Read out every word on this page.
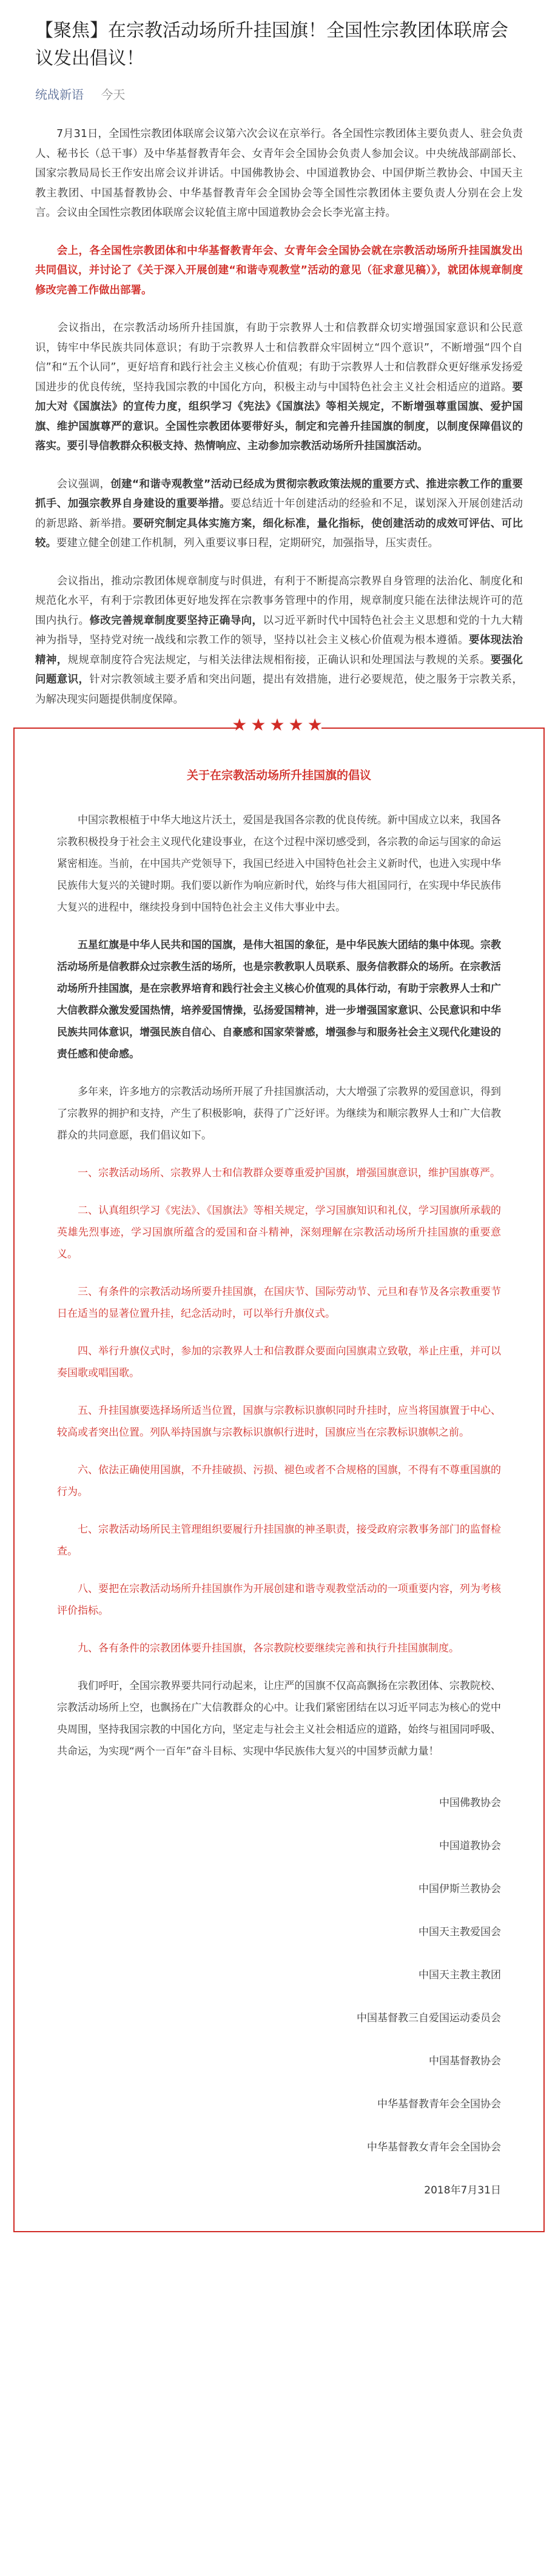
【聚焦】在宗教活动场所升挂国旗！全国性宗教团体联席会议发出倡议！
统战新语 今天

　　7月31日，全国性宗教团体联席会议第六次会议在京举行。各全国性宗教团体主要负责人、驻会负责人、秘书长（总干事）及中华基督教青年会、女青年会全国协会负责人参加会议。中央统战部副部长、国家宗教局局长王作安出席会议并讲话。中国佛教协会、中国道教协会、中国伊斯兰教协会、中国天主教主教团、中国基督教协会、中华基督教青年会全国协会等全国性宗教团体主要负责人分别在会上发言。会议由全国性宗教团体联席会议轮值主席中国道教协会会长李光富主持。

　　会上，各全国性宗教团体和中华基督教青年会、女青年会全国协会就在宗教活动场所升挂国旗发出共同倡议，并讨论了《关于深入开展创建“和谐寺观教堂”活动的意见（征求意见稿）》，就团体规章制度修改完善工作做出部署。

　　会议指出，在宗教活动场所升挂国旗，有助于宗教界人士和信教群众切实增强国家意识和公民意识，铸牢中华民族共同体意识；有助于宗教界人士和信教群众牢固树立“四个意识”，不断增强“四个自信”和“五个认同”，更好培育和践行社会主义核心价值观；有助于宗教界人士和信教群众更好继承发扬爱国进步的优良传统，坚持我国宗教的中国化方向，积极主动与中国特色社会主义社会相适应的道路。要加大对《国旗法》的宣传力度，组织学习《宪法》《国旗法》等相关规定，不断增强尊重国旗、爱护国旗、维护国旗尊严的意识。全国性宗教团体要带好头，制定和完善升挂国旗的制度，以制度保障倡议的落实。要引导信教群众积极支持、热情响应、主动参加宗教活动场所升挂国旗活动。

　　会议强调，创建“和谐寺观教堂”活动已经成为贯彻宗教政策法规的重要方式、推进宗教工作的重要抓手、加强宗教界自身建设的重要举措。要总结近十年创建活动的经验和不足，谋划深入开展创建活动的新思路、新举措。要研究制定具体实施方案，细化标准，量化指标，使创建活动的成效可评估、可比较。要建立健全创建工作机制，列入重要议事日程，定期研究，加强指导，压实责任。

　　会议指出，推动宗教团体规章制度与时俱进，有利于不断提高宗教界自身管理的法治化、制度化和规范化水平，有利于宗教团体更好地发挥在宗教事务管理中的作用，规章制度只能在法律法规许可的范围内执行。修改完善规章制度要坚持正确导向，以习近平新时代中国特色社会主义思想和党的十九大精神为指导，坚持党对统一战线和宗教工作的领导，坚持以社会主义核心价值观为根本遵循。要体现法治精神，规规章制度符合宪法规定，与相关法律法规相衔接，正确认识和处理国法与教规的关系。要强化问题意识，针对宗教领域主要矛盾和突出问题，提出有效措施，进行必要规范，使之服务于宗教关系，为解决现实问题提供制度保障。

★★★★★
关于在宗教活动场所升挂国旗的倡议

中国宗教根植于中华大地这片沃土，爱国是我国各宗教的优良传统。新中国成立以来，我国各宗教积极投身于社会主义现代化建设事业，在这个过程中深切感受到，各宗教的命运与国家的命运紧密相连。当前，在中国共产党领导下，我国已经进入中国特色社会主义新时代，也进入实现中华民族伟大复兴的关键时期。我们要以新作为响应新时代，始终与伟大祖国同行，在实现中华民族伟大复兴的进程中，继续投身到中国特色社会主义伟大事业中去。

五星红旗是中华人民共和国的国旗，是伟大祖国的象征，是中华民族大团结的集中体现。宗教活动场所是信教群众过宗教生活的场所，也是宗教教职人员联系、服务信教群众的场所。在宗教活动场所升挂国旗，是在宗教界培育和践行社会主义核心价值观的具体行动，有助于宗教界人士和广大信教群众激发爱国热情，培养爱国情操，弘扬爱国精神，进一步增强国家意识、公民意识和中华民族共同体意识，增强民族自信心、自豪感和国家荣誉感，增强参与和服务社会主义现代化建设的责任感和使命感。

多年来，许多地方的宗教活动场所开展了升挂国旗活动，大大增强了宗教界的爱国意识，得到了宗教界的拥护和支持，产生了积极影响，获得了广泛好评。为继续为和顺宗教界人士和广大信教群众的共同意愿，我们倡议如下。

一、宗教活动场所、宗教界人士和信教群众要尊重爱护国旗，增强国旗意识，维护国旗尊严。

二、认真组织学习《宪法》、《国旗法》等相关规定，学习国旗知识和礼仪，学习国旗所承载的英雄先烈事迹，学习国旗所蕴含的爱国和奋斗精神，深刻理解在宗教活动场所升挂国旗的重要意义。

三、有条件的宗教活动场所要升挂国旗，在国庆节、国际劳动节、元旦和春节及各宗教重要节日在适当的显著位置升挂，纪念活动时，可以举行升旗仪式。

四、举行升旗仪式时，参加的宗教界人士和信教群众要面向国旗肃立致敬，举止庄重，并可以奏国歌或唱国歌。

五、升挂国旗要选择场所适当位置，国旗与宗教标识旗帜同时升挂时，应当将国旗置于中心、较高或者突出位置。列队举持国旗与宗教标识旗帜行进时，国旗应当在宗教标识旗帜之前。

六、依法正确使用国旗，不升挂破损、污损、褪色或者不合规格的国旗，不得有不尊重国旗的行为。

七、宗教活动场所民主管理组织要履行升挂国旗的神圣职责，接受政府宗教事务部门的监督检查。

八、要把在宗教活动场所升挂国旗作为开展创建和谐寺观教堂活动的一项重要内容，列为考核评价指标。

九、各有条件的宗教团体要升挂国旗，各宗教院校要继续完善和执行升挂国旗制度。

我们呼吁，全国宗教界要共同行动起来，让庄严的国旗不仅高高飘扬在宗教团体、宗教院校、宗教活动场所上空，也飘扬在广大信教群众的心中。让我们紧密团结在以习近平同志为核心的党中央周围，坚持我国宗教的中国化方向，坚定走与社会主义社会相适应的道路，始终与祖国同呼吸、共命运，为实现“两个一百年”奋斗目标、实现中华民族伟大复兴的中国梦贡献力量！

中国佛教协会
中国道教协会
中国伊斯兰教协会
中国天主教爱国会
中国天主教主教团
中国基督教三自爱国运动委员会
中国基督教协会
中华基督教青年会全国协会
中华基督教女青年会全国协会
2018年7月31日
